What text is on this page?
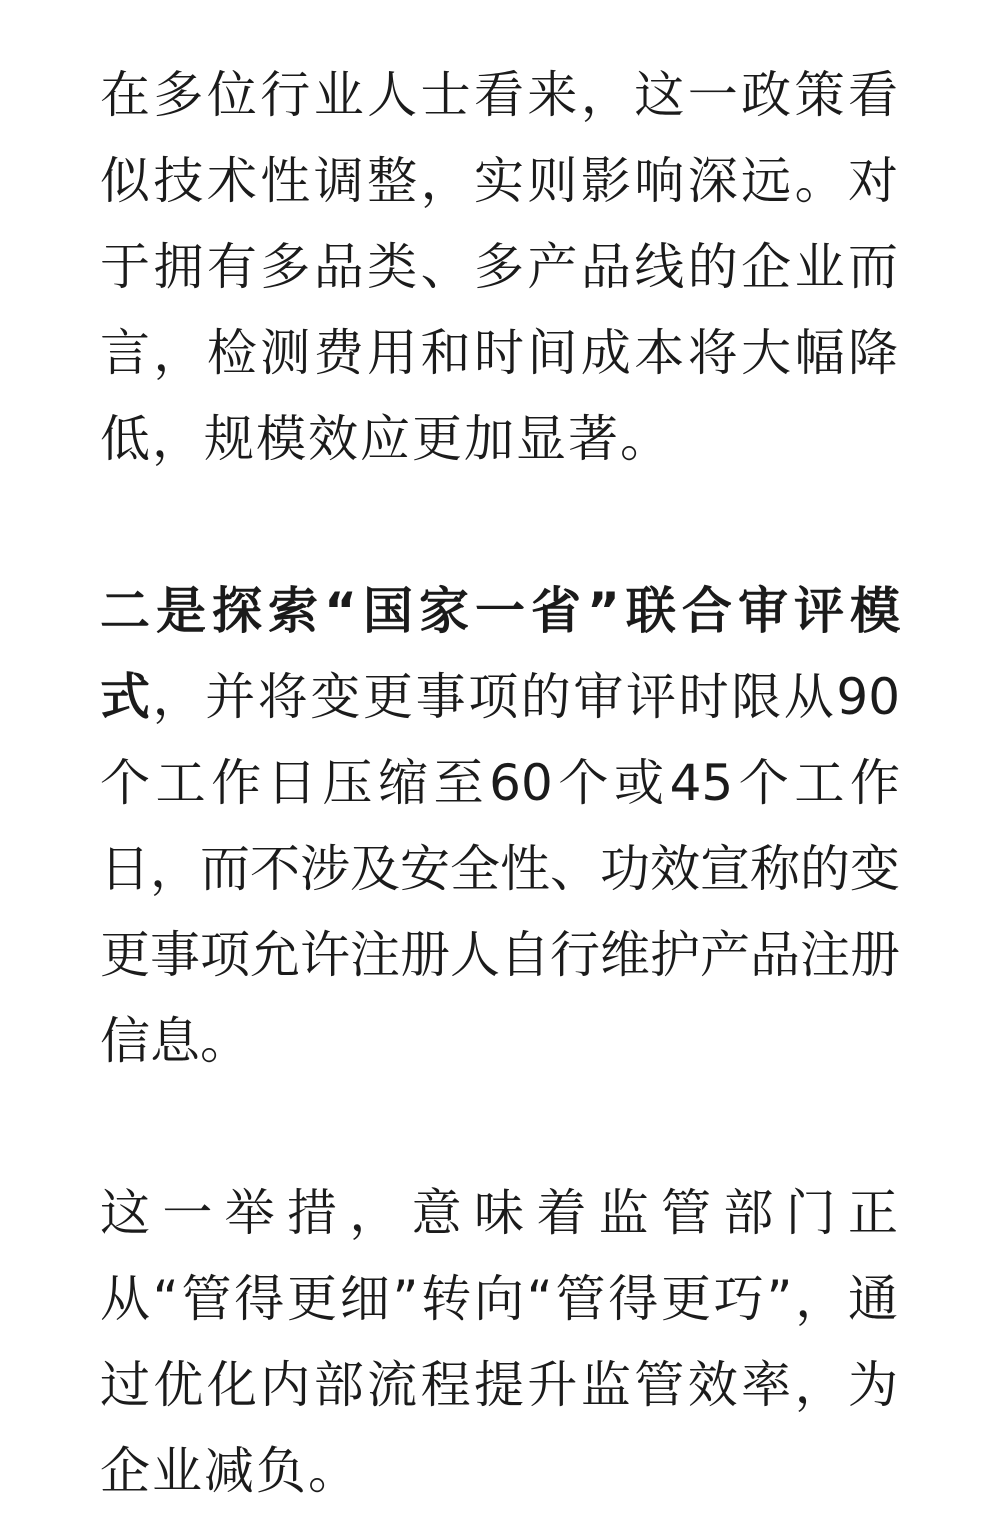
在多位行业人士看来，这一政策看似技术性调整，实则影响深远。对于拥有多品类、多产品线的企业而言，检测费用和时间成本将大幅降低，规模效应更加显著。

二是探索“国家一省”联合审评模式，并将变更事项的审评时限从90个工作日压缩至60个或45个工作日，而不涉及安全性、功效宣称的变更事项允许注册人自行维护产品注册信息。

这一举措，意味着监管部门正从“管得更细”转向“管得更巧”，通过优化内部流程提升监管效率，为企业减负。
